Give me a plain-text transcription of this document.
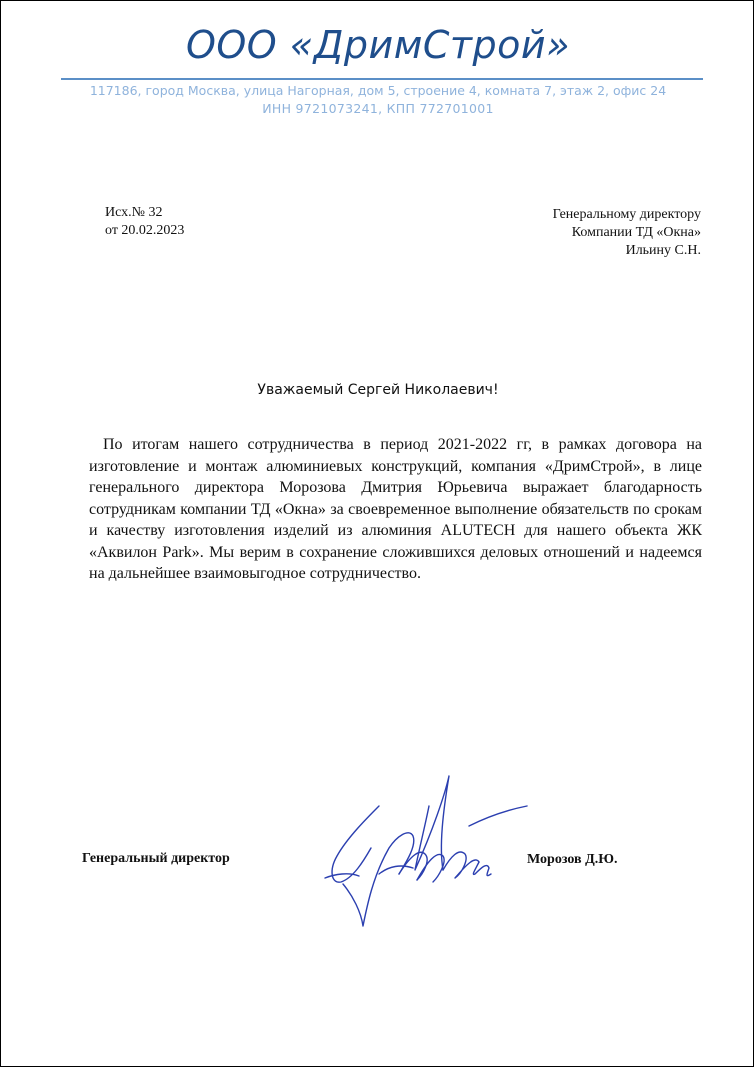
ООО «ДримСтрой»
117186, город Москва, улица Нагорная, дом 5, строение 4, комната 7, этаж 2, офис 24
ИНН 9721073241, КПП 772701001
Исх.№ 32
от 20.02.2023
Генеральному директору
Компании ТД «Окна»
Ильину С.Н.
Уважаемый Сергей Николаевич!

По итогам нашего сотрудничества в период 2021-2022 гг, в рамках договора на изготовление и монтаж алюминиевых конструкций, компания «ДримСтрой», в лице генерального директора Морозова Дмитрия Юрьевича выражает благодарность сотрудникам компании ТД «Окна» за своевременное выполнение обязательств по срокам и качеству изготовления изделий из алюминия ALUTECH для нашего объекта ЖК «Аквилон Park». Мы верим в сохранение сложившихся деловых отношений и надеемся на дальнейшее взаимовыгодное сотрудничество.

Генеральный директор	Морозов Д.Ю.
